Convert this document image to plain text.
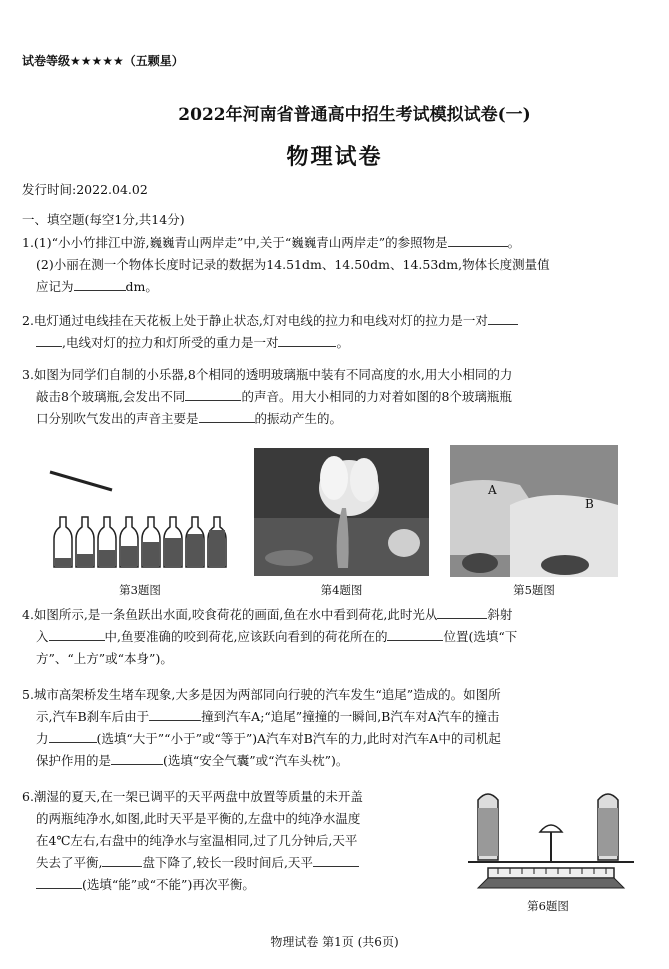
试卷等级★★★★★（五颗星）
2022年河南省普通高中招生考试模拟试卷(一)
物理试卷
发行时间:2022.04.02
一、填空题(每空1分,共14分)

1.(1)“小小竹排江中游,巍巍青山两岸走”中,关于“巍巍青山两岸走”的参照物是	。

(2)小丽在测一个物体长度时记录的数据为14.51dm、14.50dm、14.53dm,物体长度测量值

应记为	dm。

2.电灯通过电线挂在天花板上处于静止状态,灯对电线的拉力和电线对灯的拉力是一对

,电线对灯的拉力和灯所受的重力是一对	。

3.如图为同学们自制的小乐器,8个相同的透明玻璃瓶中装有不同高度的水,用大小相同的力

敲击8个玻璃瓶,会发出不同	的声音。用大小相同的力对着如图的8个玻璃瓶瓶

口分别吹气发出的声音主要是	的振动产生的。

第3题图	第4题图
A
B
第5题图

4.如图所示,是一条鱼跃出水面,咬食荷花的画面,鱼在水中看到荷花,此时光从	斜射

入	中,鱼要准确的咬到荷花,应该跃向看到的荷花所在的	位置(选填“下

方”、“上方”或“本身”)。

5.城市高架桥发生堵车现象,大多是因为两部同向行驶的汽车发生“追尾”造成的。如图所

示,汽车B刹车后由于	撞到汽车A;“追尾”撞撞的一瞬间,B汽车对A汽车的撞击

力	(选填“大于”“小于”或“等于”)A汽车对B汽车的力,此时对汽车A中的司机起

保护作用的是	(选填“安全气囊”或“汽车头枕”)。

6.潮湿的夏天,在一架已调平的天平两盘中放置等质量的未开盖

的两瓶纯净水,如图,此时天平是平衡的,左盘中的纯净水温度

在4℃左右,右盘中的纯净水与室温相同,过了几分钟后,天平

失去了平衡,	盘下降了,较长一段时间后,天平

(选填“能”或“不能”)再次平衡。

第6题图
物理试卷 第1页 (共6页)
